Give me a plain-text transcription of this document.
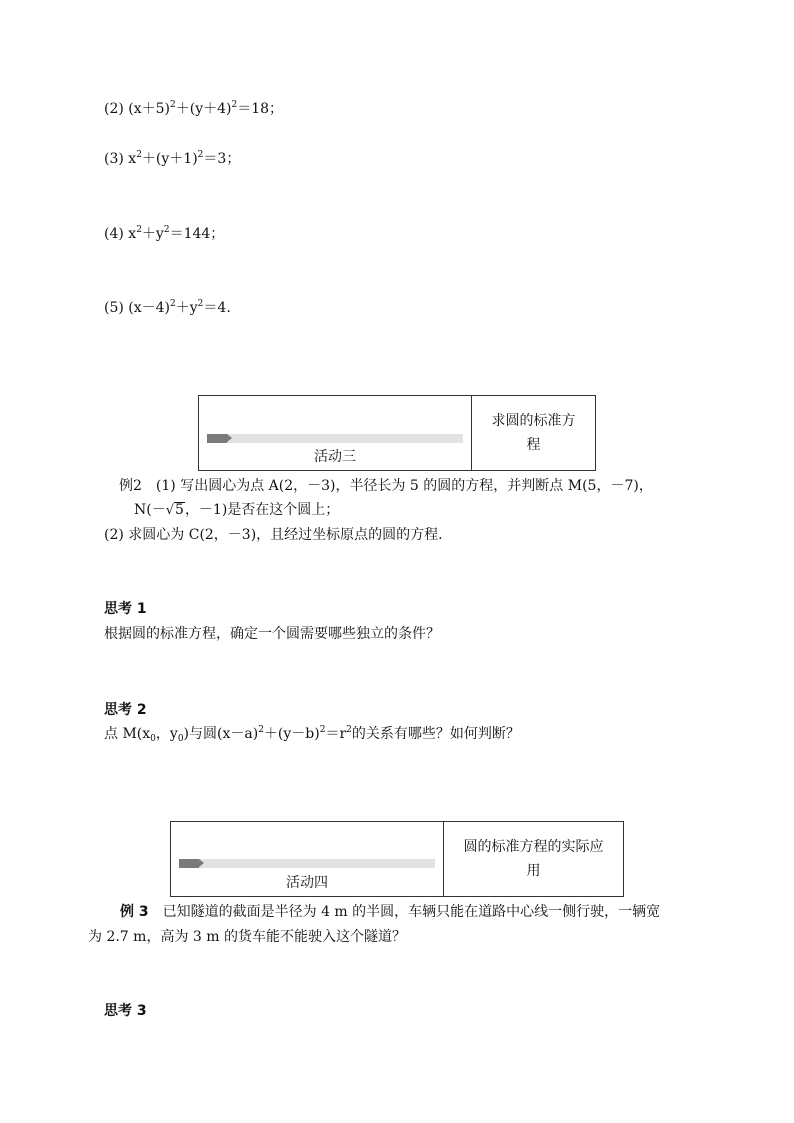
(2) $(x+5)^2+(y+4)^2=18$；
(3) $x^2+(y+1)^2=3$；
(4) $x^2+y^2=144$；
(5) $(x-4)^2+y^2=4$.
活动三
求圆的标准方
程
例2　(1) 写出圆心为点 A(2，－3)，半径长为 5 的圆的方程，并判断点 M(5，－7)，
N(－√5，－1)是否在这个圆上；
(2) 求圆心为 C(2，－3)，且经过坐标原点的圆的方程.
思考 1
根据圆的标准方程，确定一个圆需要哪些独立的条件？
思考 2
点 $M(x_0$，$y_0$)与圆$(x-a)^2+(y-b)^2=r^2$的关系有哪些？如何判断？
活动四
圆的标准方程的实际应
用
例 3　 已知隧道的截面是半径为 4 m 的半圆，车辆只能在道路中心线一侧行驶，一辆宽
为 2.7 m，高为 3 m 的货车能不能驶入这个隧道？
思考 3
